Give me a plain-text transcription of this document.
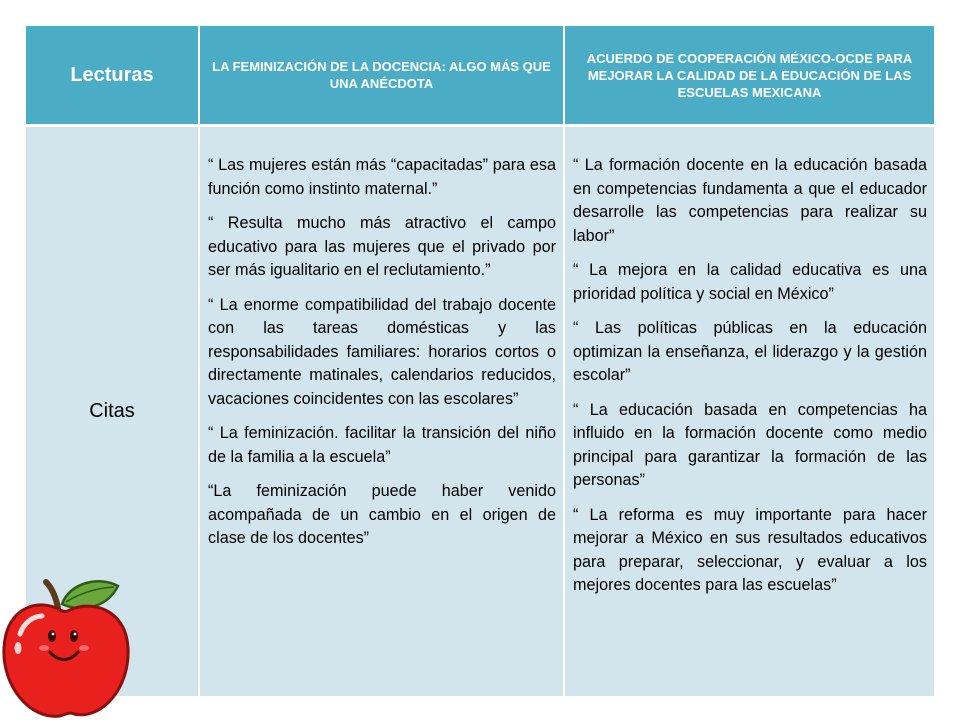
Lecturas	LA FEMINIZACIÓN DE LA DOCENCIA: ALGO MÁS QUE UNA ANÉCDOTA
ACUERDO DE COOPERACIÓN MÉXICO-OCDE PARA MEJORAR LA CALIDAD DE LA EDUCACIÓN DE LAS ESCUELAS MEXICANA
Citas

“ Las mujeres están más “capacitadas” para esa función como instinto maternal.”

“ Resulta mucho más atractivo el campo educativo para las mujeres que el privado por ser más igualitario en el reclutamiento.”

“ La enorme compatibilidad del trabajo docente con las tareas domésticas y las responsabilidades familiares: horarios cortos o directamente matinales, calendarios reducidos, vacaciones coincidentes con las escolares”

“ La feminización. facilitar la transición del niño de la familia a la escuela”

“La feminización puede haber venido acompañada de un cambio en el origen de clase de los docentes”

“ La formación docente en la educación basada en competencias fundamenta a que el educador desarrolle las competencias para realizar su labor”

“ La mejora en la calidad educativa es una prioridad política y social en México”

“ Las políticas públicas en la educación optimizan la enseñanza, el liderazgo y la gestión escolar”

“ La educación basada en competencias ha influido en la formación docente como medio principal para garantizar la formación de las personas”

“ La reforma es muy importante para hacer mejorar a México en sus resultados educativos para preparar, seleccionar, y evaluar a los mejores docentes para las escuelas”
